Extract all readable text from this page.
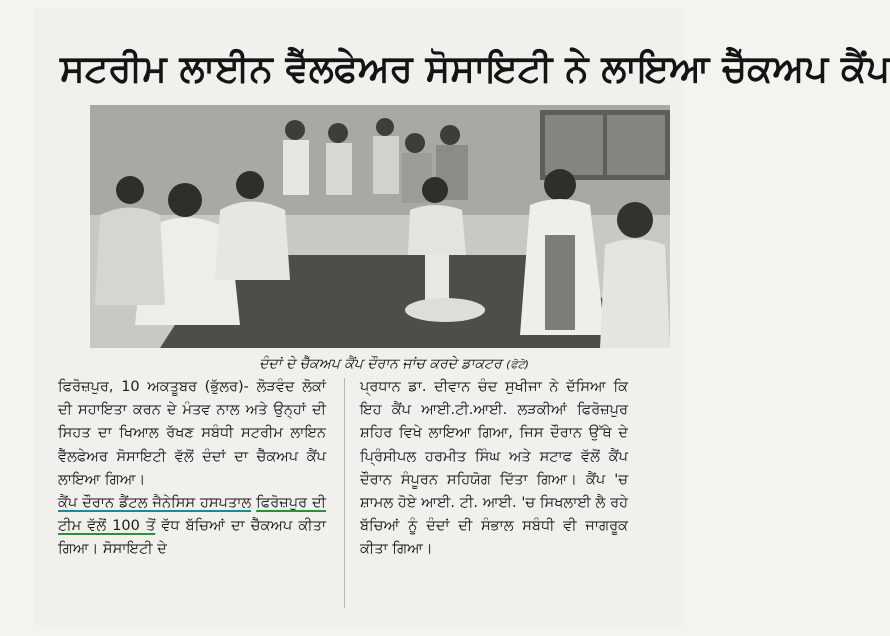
ਸਟਰੀਮ ਲਾਈਨ ਵੈੱਲਫੇਅਰ ਸੋਸਾਇਟੀ ਨੇ ਲਾਇਆ ਚੈੱਕਅਪ ਕੈਂਪ
ਦੰਦਾਂ ਦੇ ਚੈੱਕਅਪ ਕੈਂਪ ਦੌਰਾਨ ਜਾਂਚ ਕਰਦੇ ਡਾਕਟਰ (ਫੋਟੋ)
ਫਿਰੋਜ਼ਪੁਰ, 10 ਅਕਤੂਬਰ (ਭੁੱਲਰ)- ਲੋੜਵੰਦ ਲੋਕਾਂ ਦੀ ਸਹਾਇਤਾ ਕਰਨ ਦੇ ਮੰਤਵ ਨਾਲ ਅਤੇ ਉਨ੍ਹਾਂ ਦੀ ਸਿਹਤ ਦਾ ਖਿਆਲ ਰੱਖਣ ਸਬੰਧੀ ਸਟਰੀਮ ਲਾਇਨ ਵੈੱਲਫੇਅਰ ਸੋਸਾਇਟੀ ਵੱਲੋਂ ਦੰਦਾਂ ਦਾ ਚੈੱਕਅਪ ਕੈਂਪ ਲਾਇਆ ਗਿਆ।
ਕੈਂਪ ਦੌਰਾਨ ਡੈਂਟਲ ਜੈਨੇਸਿਸ ਹਸਪਤਾਲ ਫਿਰੋਜ਼ਪੁਰ ਦੀ ਟੀਮ ਵੱਲੋਂ 100 ਤੋਂ ਵੱਧ ਬੱਚਿਆਂ ਦਾ ਚੈੱਕਅਪ ਕੀਤਾ ਗਿਆ। ਸੋਸਾਇਟੀ ਦੇ
ਪ੍ਰਧਾਨ ਡਾ. ਦੀਵਾਨ ਚੰਦ ਸੁਖੀਜਾ ਨੇ ਦੱਸਿਆ ਕਿ ਇਹ ਕੈਂਪ ਆਈ.ਟੀ.ਆਈ. ਲੜਕੀਆਂ ਫਿਰੋਜ਼ਪੁਰ ਸ਼ਹਿਰ ਵਿਖੇ ਲਾਇਆ ਗਿਆ, ਜਿਸ ਦੌਰਾਨ ਉੱਥੇ ਦੇ ਪ੍ਰਿੰਸੀਪਲ ਹਰਮੀਤ ਸਿੰਘ ਅਤੇ ਸਟਾਫ ਵੱਲੋਂ ਕੈਂਪ ਦੌਰਾਨ ਸੰਪੂਰਨ ਸਹਿਯੋਗ ਦਿੱਤਾ ਗਿਆ। ਕੈਂਪ 'ਚ ਸ਼ਾਮਲ ਹੋਏ ਆਈ. ਟੀ. ਆਈ. 'ਚ ਸਿਖਲਾਈ ਲੈ ਰਹੇ ਬੱਚਿਆਂ ਨੂੰ ਦੰਦਾਂ ਦੀ ਸੰਭਾਲ ਸਬੰਧੀ ਵੀ ਜਾਗਰੂਕ ਕੀਤਾ ਗਿਆ।
